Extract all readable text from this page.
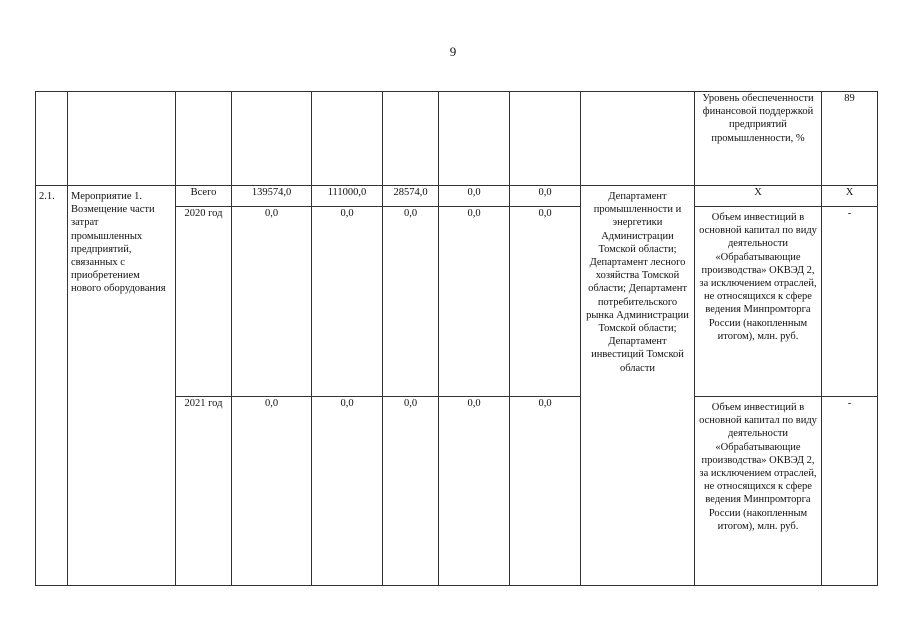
9
									Уровень обеспеченности финансовой поддержкой предприятий промышленности, %	89
2.1.	Мероприятие 1. Возмещение части затрат промышленных предприятий, связанных с приобретением нового оборудования	Всего	139574,0	111000,0	28574,0	0,0	0,0	Департамент промышленности и энергетики Администрации Томской области; Департамент лесного хозяйства Томской области; Департамент потребительского рынка Администрации Томской области; Департамент инвестиций Томской области	Х	Х
		2020 год	0,0	0,0	0,0	0,0	0,0		Объем инвестиций в основной капитал по виду деятельности «Обрабатывающие производства» ОКВЭД 2, за исключением отраслей, не относящихся к сфере ведения Минпромторга России (накопленным итогом), млн. руб.	-
		2021 год	0,0	0,0	0,0	0,0	0,0		Объем инвестиций в основной капитал по виду деятельности «Обрабатывающие производства» ОКВЭД 2, за исключением отраслей, не относящихся к сфере ведения Минпромторга России (накопленным итогом), млн. руб.	-
